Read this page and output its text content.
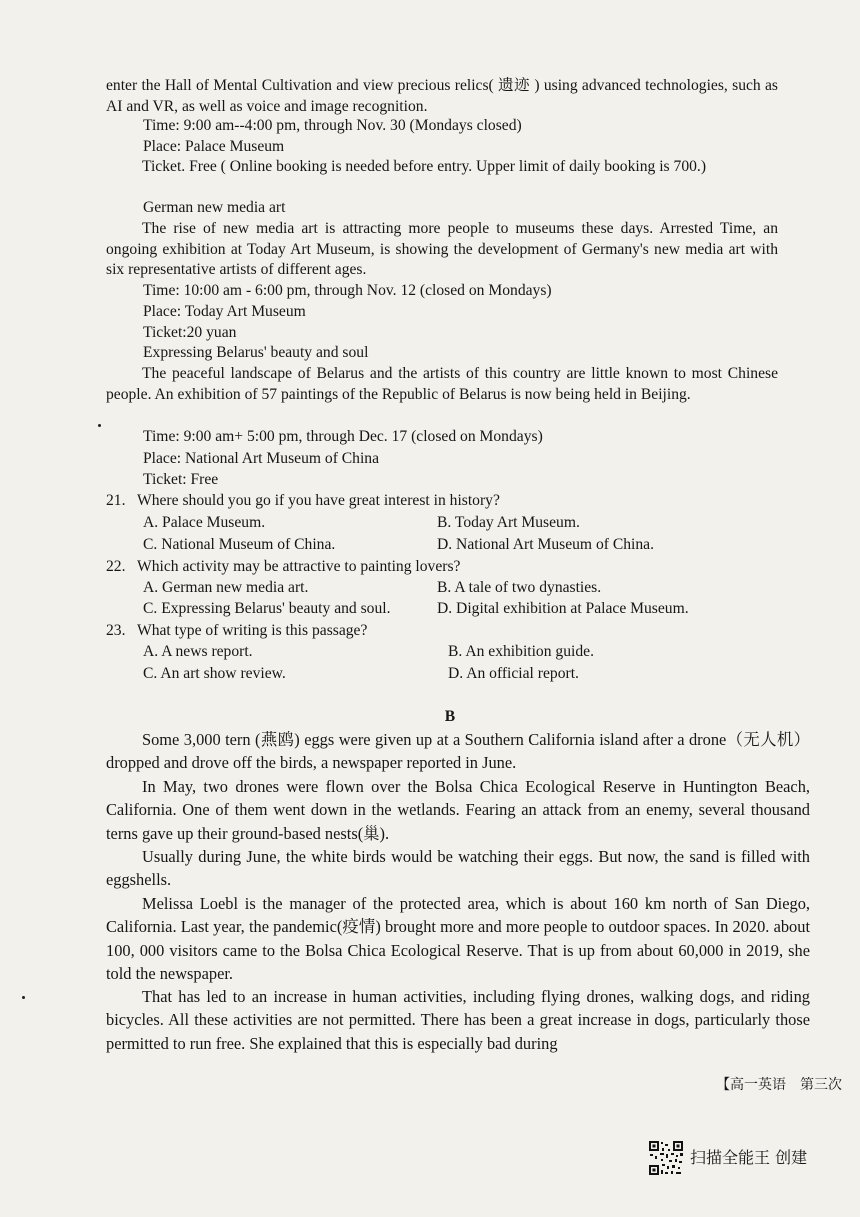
enter the Hall of Mental Cultivation and view precious relics( 遗迹 ) using advanced technologies, such as AI and VR, as well as voice and image recognition.

Time: 9:00 am--4:00 pm, through Nov. 30 (Mondays closed)

Place: Palace Museum

Ticket. Free ( Online booking is needed before entry. Upper limit of daily booking is 700.)

German new media art

The rise of new media art is attracting more people to museums these days. Arrested Time, an ongoing exhibition at Today Art Museum, is showing the development of Germany's new media art with six representative artists of different ages.

Time: 10:00 am - 6:00 pm, through Nov. 12 (closed on Mondays)

Place: Today Art Museum

Ticket:20 yuan

Expressing Belarus' beauty and soul

The peaceful landscape of Belarus and the artists of this country are little known to most Chinese people. An exhibition of 57 paintings of the Republic of Belarus is now being held in Beijing.

Time: 9:00 am+ 5:00 pm, through Dec. 17 (closed on Mondays)

Place: National Art Museum of China

Ticket: Free

21. Where should you go if you have great interest in history?
A. Palace Museum.	B. Today Art Museum.
C. National Museum of China.	D. National Art Museum of China.
22. Which activity may be attractive to painting lovers?
A. German new media art.	B. A tale of two dynasties.
C. Expressing Belarus' beauty and soul.	D. Digital exhibition at Palace Museum.
23. What type of writing is this passage?
A. A news report.	B. An exhibition guide.
C. An art show review.	D. An official report.
B

Some 3,000 tern (燕鸥) eggs were given up at a Southern California island after a drone（无人机）dropped and drove off the birds, a newspaper reported in June.

In May, two drones were flown over the Bolsa Chica Ecological Reserve in Huntington Beach, California. One of them went down in the wetlands. Fearing an attack from an enemy, several thousand terns gave up their ground-based nests(巢).

Usually during June, the white birds would be watching their eggs. But now, the sand is filled with eggshells.

Melissa Loebl is the manager of the protected area, which is about 160 km north of San Diego, California. Last year, the pandemic(疫情) brought more and more people to outdoor spaces. In 2020. about 100, 000 visitors came to the Bolsa Chica Ecological Reserve. That is up from about 60,000 in 2019, she told the newspaper.

That has led to an increase in human activities, including flying drones, walking dogs, and riding bicycles. All these activities are not permitted. There has been a great increase in dogs, particularly those permitted to run free. She explained that this is especially bad during

【高一英语　第三次
扫描全能王 创建
